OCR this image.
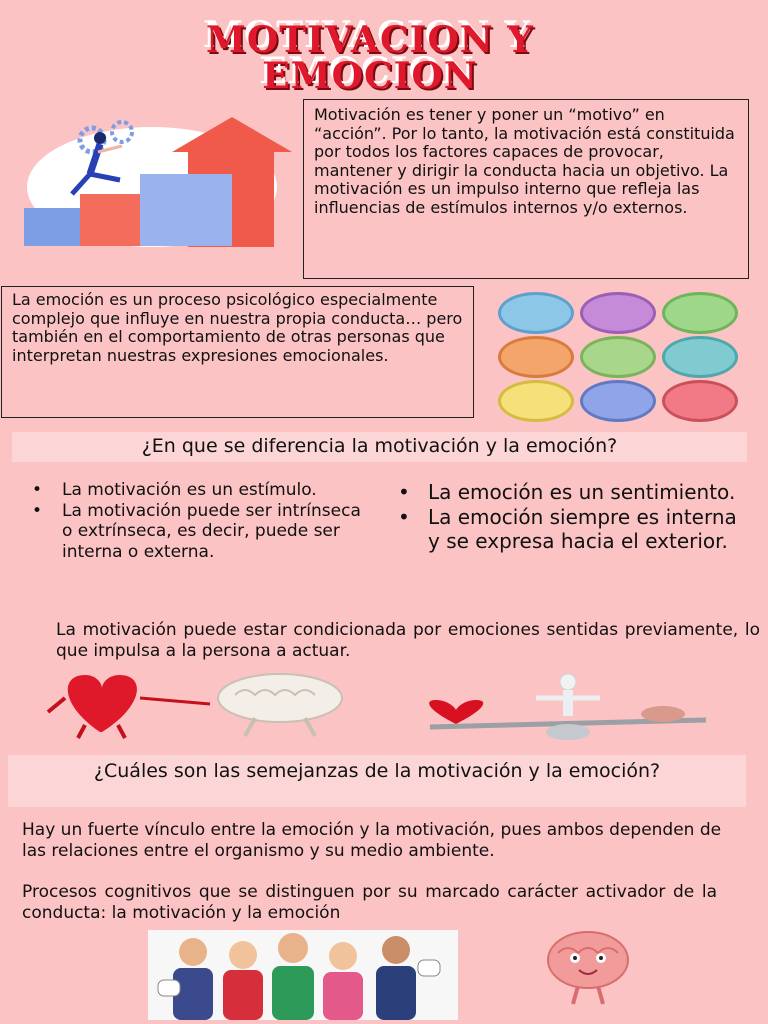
MOTIVACION Y
EMOCION
Motivación es tener y poner un “motivo” en “acción”. Por lo tanto, la motivación está constituida por todos los factores capaces de provocar, mantener y dirigir la conducta hacia un objetivo. La motivación es un impulso interno que refleja las influencias de estímulos internos y/o externos.
La emoción es un proceso psicológico especialmente complejo que influye en nuestra propia conducta… pero también en el comportamiento de otras personas que interpretan nuestras expresiones emocionales.
¿En que se diferencia la motivación y la emoción?
• La motivación es un estímulo.
• La motivación puede ser intrínseca o extrínseca, es decir, puede ser interna o externa.
• La emoción es un sentimiento.
• La emoción siempre es interna y se expresa hacia el exterior.
La motivación puede estar condicionada por emociones sentidas previamente, lo que impulsa a la persona a actuar.
¿Cuáles son las semejanzas de la motivación y la emoción?
Hay un fuerte vínculo entre la emoción y la motivación, pues ambos dependen de las relaciones entre el organismo y su medio ambiente.
Procesos cognitivos que se distinguen por su marcado carácter activador de la conducta: la motivación y la emoción
